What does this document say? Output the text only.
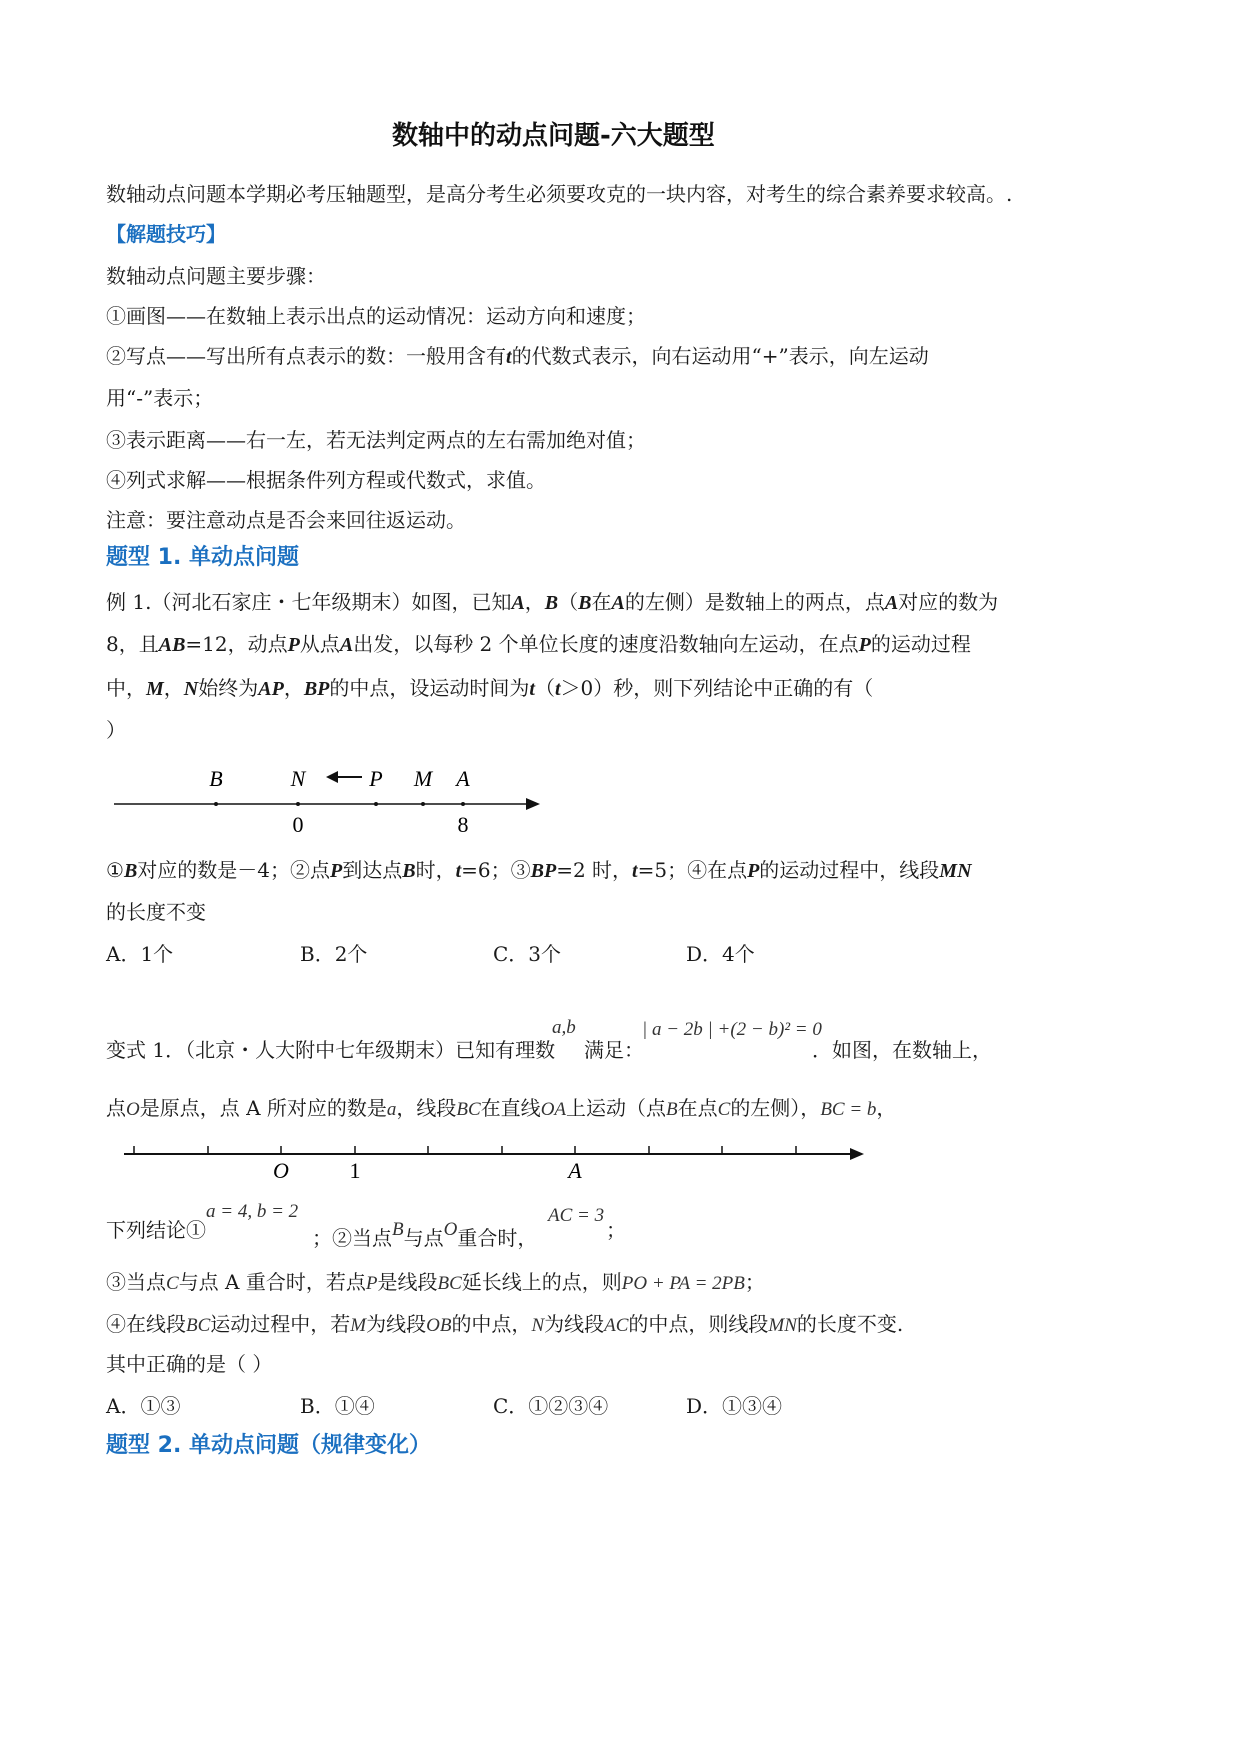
数轴中的动点问题-六大题型
数轴动点问题本学期必考压轴题型，是高分考生必须要攻克的一块内容，对考生的综合素养要求较高。.
【解题技巧】
数轴动点问题主要步骤：
①画图——在数轴上表示出点的运动情况：运动方向和速度；
②写点——写出所有点表示的数：一般用含有t的代数式表示，向右运动用“+”表示，向左运动
用“-”表示；
③表示距离——右一左，若无法判定两点的左右需加绝对值；
④列式求解——根据条件列方程或代数式，求值。
注意：要注意动点是否会来回往返运动。
题型 1. 单动点问题
例 1.（河北石家庄・七年级期末）如图，已知A，B（B在A的左侧）是数轴上的两点，点A对应的数为
8，且AB=12，动点P从点A出发，以每秒 2 个单位长度的速度沿数轴向左运动，在点P的运动过程
中，M，N始终为AP，BP的中点，设运动时间为t（t＞0）秒，则下列结论中正确的有（
）
B	N	P M A
0	8
①B对应的数是－4；②点P到达点B时，t=6；③BP=2 时，t=5；④在点P的运动过程中，线段MN
的长度不变
A．1个	B．2个	C．3个	D．4个
变式 1．（北京・人大附中七年级期末）已知有理数
a,b
满足：
| a − 2b | +(2 − b)² = 0
．如图，在数轴上，
点O是原点，点 A 所对应的数是a，线段BC在直线OA上运动（点B在点C的左侧），BC = b，
O	1	A
下列结论①
a = 4, b = 2
；②当点B与点O重合时，
AC = 3
；
③当点C与点 A 重合时，若点P是线段BC延长线上的点，则PO + PA = 2PB；
④在线段BC运动过程中，若M为线段OB的中点，N为线段AC的中点，则线段MN的长度不变.
其中正确的是（ ）
A．①③	B．①④	C．①②③④	D．①③④
题型 2. 单动点问题（规律变化）
